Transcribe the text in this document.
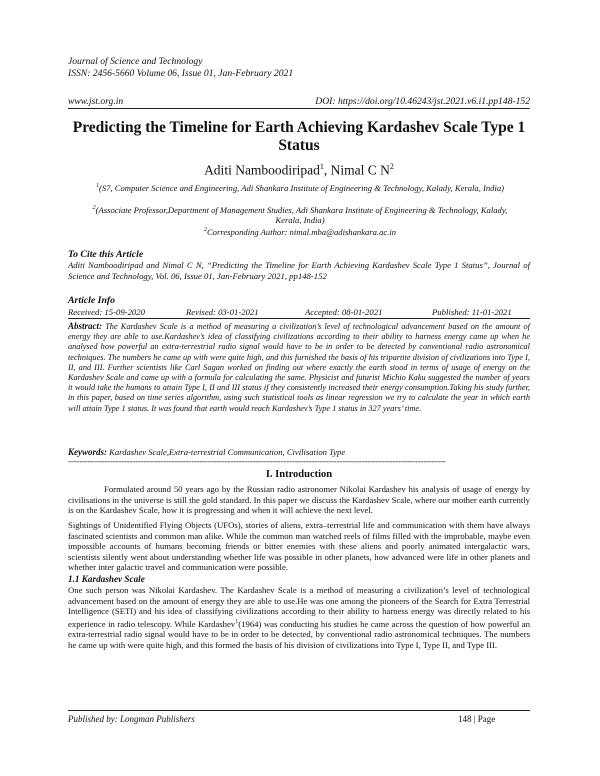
Journal of Science and Technology
ISSN: 2456-5660 Volume 06, Issue 01, Jan-February 2021
www.jst.org.in	DOI: https://doi.org/10.46243/jst.2021.v6.i1.pp148-152
Predicting the Timeline for Earth Achieving Kardashev Scale Type 1 Status
Aditi Namboodiripad$^1$, Nimal C $N^2$
$^1$(S7, Computer Science and Engineering, Adi Shankara Institute of Engineering & Technology, Kalady, Kerala, India)
$^2$(Associate Professor,Department of Management Studies, Adi Shankara Institute of Engineering & Technology, Kalady, Kerala, India)
$^2$Corresponding Author: nimal.mba@adishankara.ac.in
To Cite this Article
Aditi Namboodiripad and Nimal C N, “Predicting the Timeline for Earth Achieving Kardashev Scale Type 1 Status”, Journal of Science and Technology, Vol. 06, Issue 01, Jan-February 2021, pp148-152
Article Info
Received: 15-09-2020	Revised: 03-01-2021	Accepted: 08-01-2021	Published: 11-01-2021
Abstract: The Kardashev Scale is a method of measuring a civilization’s level of technological advancement based on the amount of energy they are able to use.Kardashev’s idea of classifying civilizations according to their ability to harness energy came up when he analysed how powerful an extra-terrestrial radio signal would have to be in order to be detected by conventional radio astronomical techniques. The numbers he came up with were quite high, and this furnished the basis of his tripartite division of civilizations into Type I, II, and III. Further scientists like Carl Sagan worked on finding out where exactly the earth stood in terms of usage of energy on the Kardashev Scale and came up with a formula for calculating the same. Physicist and futurist Michio Kaku suggested the number of years it would take the humans to attain Type I, II and III status if they consistently increased their energy consumption.Taking his study further, in this paper, based on time series algorithm, using such statistical tools as linear regression we try to calculate the year in which earth will attain Type 1 status. It was found that earth would reach Kardashev’s Type 1 status in 327 years’ time.
Keywords: Kardashev Scale,Extra-terrestrial Communication, Civilisation Type
---------------------------------------------------------------------------------------------------------------------------------------
I. Introduction
Formulated around 50 years ago by the Russian radio astronomer Nikolai Kardashev his analysis of usage of energy by civilisations in the universe is still the gold standard. In this paper we discuss the Kardashev Scale, where our mother earth currently is on the Kardashev Scale, how it is progressing and when it will achieve the next level.
Sightings of Unidentified Flying Objects (UFOs), stories of aliens, extra–terrestrial life and communication with them have always fascinated scientists and common man alike. While the common man watched reels of films filled with the improbable, maybe even impossible accounts of humans becoming friends or bitter enemies with these aliens and poorly animated intergalactic wars, scientists silently went about understanding whether life was possible in other planets, how advanced were life in other planets and whether inter galactic travel and communication were possible.
1.1 Kardashev Scale
One such person was Nikolai Kardashev. The Kardashev Scale is a method of measuring a civilization’s level of technological advancement based on the amount of energy they are able to use.He was one among the pioneers of the Search for Extra Terrestrial Intelligence (SETI) and his idea of classifying civilizations according to their ability to harness energy was directly related to his experience in radio telescopy. While Kardashev$^1$(1964) was conducting his studies he came across the question of how powerful an extra-terrestrial radio signal would have to be in order to be detected, by conventional radio astronomical techniques. The numbers he came up with were quite high, and this formed the basis of his division of civilizations into Type I, Type II, and Type III.
Published by: Longman Publishers	148 | Page
